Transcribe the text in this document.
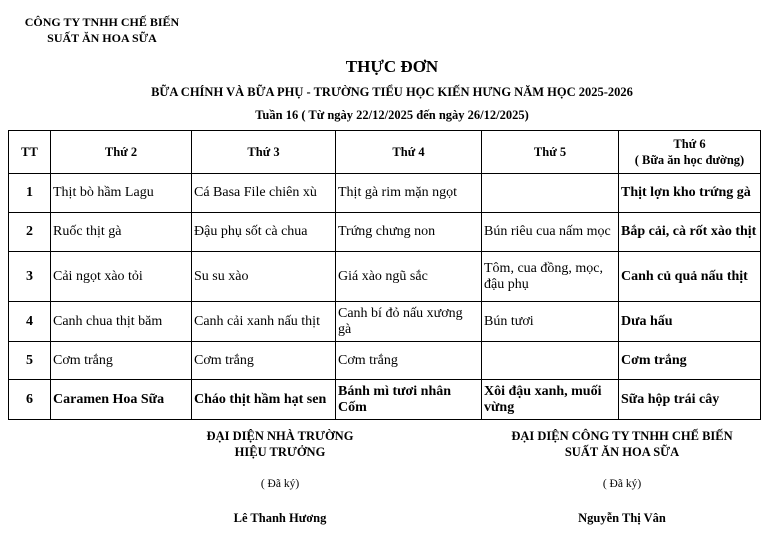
CÔNG TY TNHH CHẾ BIẾN
SUẤT ĂN HOA SỮA
THỰC ĐƠN
BỮA CHÍNH VÀ BỮA PHỤ - TRƯỜNG TIỂU HỌC KIẾN HƯNG NĂM HỌC 2025-2026
Tuần 16 ( Từ ngày 22/12/2025 đến ngày 26/12/2025)
TT	Thứ 2	Thứ 3	Thứ 4	Thứ 5	Thứ 6
( Bữa ăn học đường)

1	Thịt bò hầm Lagu	Cá Basa File chiên xù	Thịt gà rim mặn ngọt		Thịt lợn kho trứng gà
2	Ruốc thịt gà	Đậu phụ sốt cà chua	Trứng chưng non	Bún riêu cua nấm mọc	Bắp cải, cà rốt xào thịt
3	Cải ngọt xào tỏi	Su su xào	Giá xào ngũ sắc	Tôm, cua đồng, mọc, đậu phụ	Canh củ quả nấu thịt
4	Canh chua thịt băm	Canh cải xanh nấu thịt	Canh bí đỏ nấu xương gà	Bún tươi	Dưa hấu
5	Cơm trắng	Cơm trắng	Cơm trắng		Cơm trắng
6	Caramen Hoa Sữa	Cháo thịt hầm hạt sen	Bánh mì tươi nhân Cốm	Xôi đậu xanh, muối vừng	Sữa hộp trái cây
ĐẠI DIỆN NHÀ TRƯỜNG
HIỆU TRƯỞNG
( Đã ký)
Lê Thanh Hương
ĐẠI DIỆN CÔNG TY TNHH CHẾ BIẾN
SUẤT ĂN HOA SỮA
( Đã ký)
Nguyễn Thị Vân
